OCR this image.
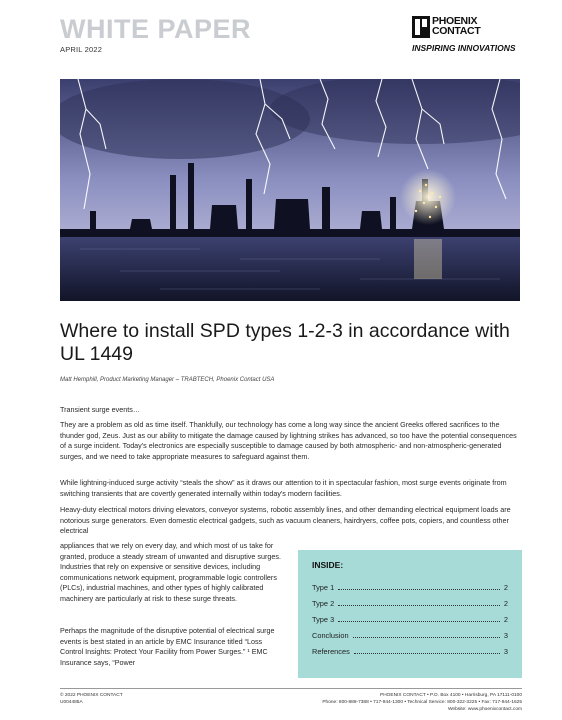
WHITE PAPER
APRIL 2022
PHOENIX
CONTACT
INSPIRING INNOVATIONS
Where to install SPD types 1-2-3 in accordance with UL 1449
Matt Hemphill, Product Marketing Manager – TRABTECH, Phoenix Contact USA
Transient surge events…
They are a problem as old as time itself. Thankfully, our technology has come a long way since the ancient Greeks offered sacrifices to the thunder god, Zeus. Just as our ability to mitigate the damage caused by lightning strikes has advanced, so too have the potential consequences of a surge incident. Today's electronics are especially susceptible to damage caused by both atmospheric- and non-atmospheric-generated surges, and we need to take appropriate measures to safeguard against them.
While lightning-induced surge activity “steals the show” as it draws our attention to it in spectacular fashion, most surge events originate from switching transients that are covertly generated internally within today's modern facilities.
Heavy-duty electrical motors driving elevators, conveyor systems, robotic assembly lines, and other demanding electrical equipment loads are notorious surge generators. Even domestic electrical gadgets, such as vacuum cleaners, hairdryers, coffee pots, copiers, and countless other electrical
appliances that we rely on every day, and which most of us take for granted, produce a steady stream of unwanted and disruptive surges. Industries that rely on expensive or sensitive devices, including communications network equipment, programmable logic controllers (PLCs), industrial machines, and other types of highly calibrated machinery are particularly at risk to these surge threats.
Perhaps the magnitude of the disruptive potential of electrical surge events is best stated in an article by EMC Insurance titled “Loss Control Insights: Protect Your Facility from Power Surges.” ¹ EMC Insurance says, “Power
INSIDE:
Type 1	2
Type 2	2
Type 3	2
Conclusion	3
References	3
© 2022 PHOENIX CONTACT
U004485A
PHOENIX CONTACT • P.O. Box 4100 • Harrisburg, PA 17111-0100
Phone: 800-888-7388 • 717-944-1300 • Technical Service: 800-322-3225 • Fax: 717-944-1625
Website: www.phoenixcontact.com
